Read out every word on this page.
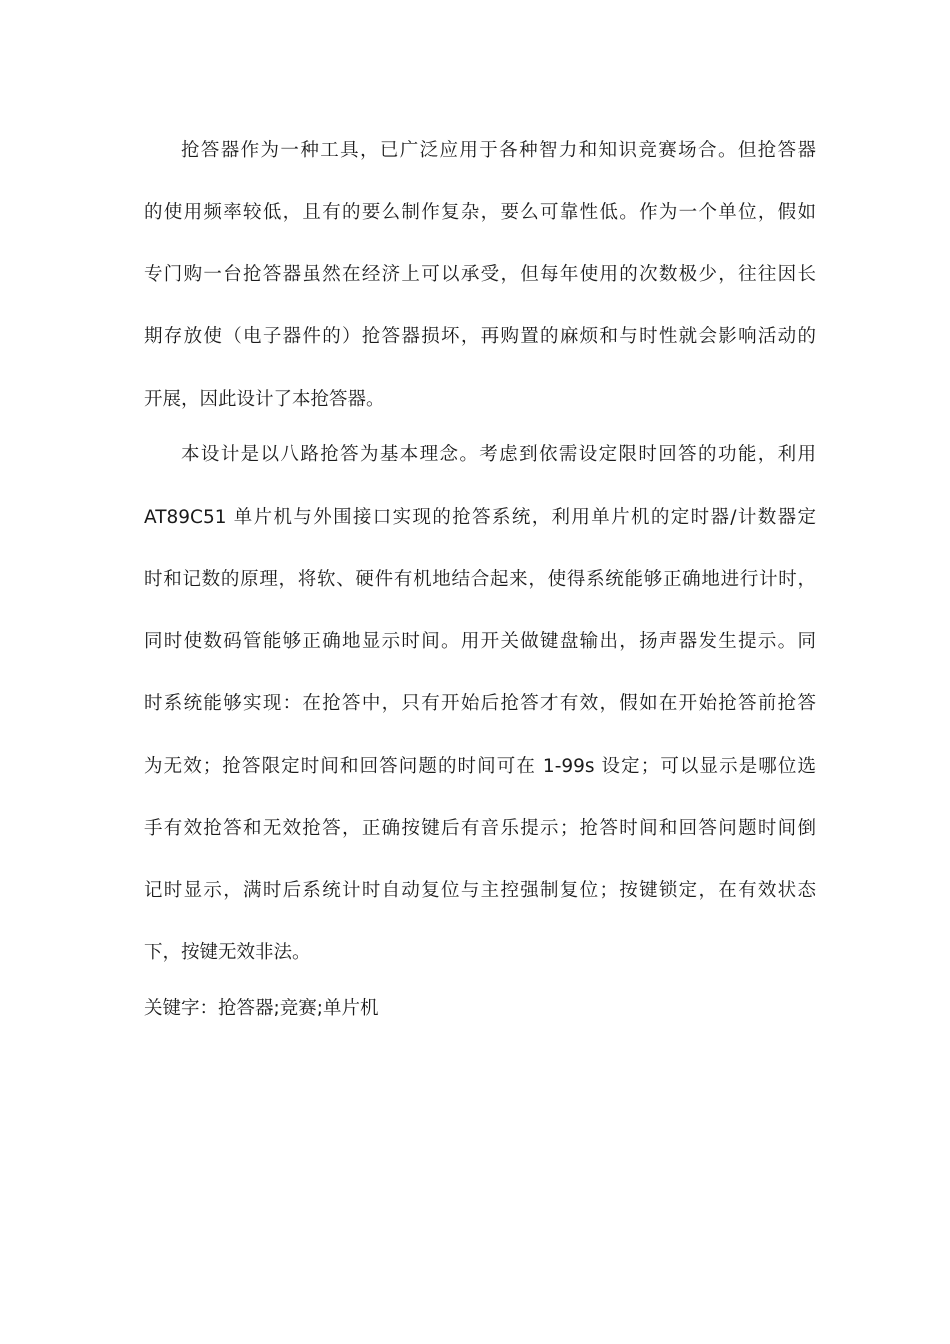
抢答器作为一种工具，已广泛应用于各种智力和知识竞赛场合。但抢答器
的使用频率较低，且有的要么制作复杂，要么可靠性低。作为一个单位，假如
专门购一台抢答器虽然在经济上可以承受，但每年使用的次数极少，往往因长
期存放使（电子器件的）抢答器损坏，再购置的麻烦和与时性就会影响活动的
开展，因此设计了本抢答器。
本设计是以八路抢答为基本理念。考虑到依需设定限时回答的功能，利用
AT89C51 单片机与外围接口实现的抢答系统，利用单片机的定时器/计数器定
时和记数的原理，将软、硬件有机地结合起来，使得系统能够正确地进行计时，
同时使数码管能够正确地显示时间。用开关做键盘输出，扬声器发生提示。同
时系统能够实现：在抢答中，只有开始后抢答才有效，假如在开始抢答前抢答
为无效；抢答限定时间和回答问题的时间可在 1-99s 设定；可以显示是哪位选
手有效抢答和无效抢答，正确按键后有音乐提示；抢答时间和回答问题时间倒
记时显示，满时后系统计时自动复位与主控强制复位；按键锁定，在有效状态
下，按键无效非法。
关键字：抢答器;竞赛;单片机
